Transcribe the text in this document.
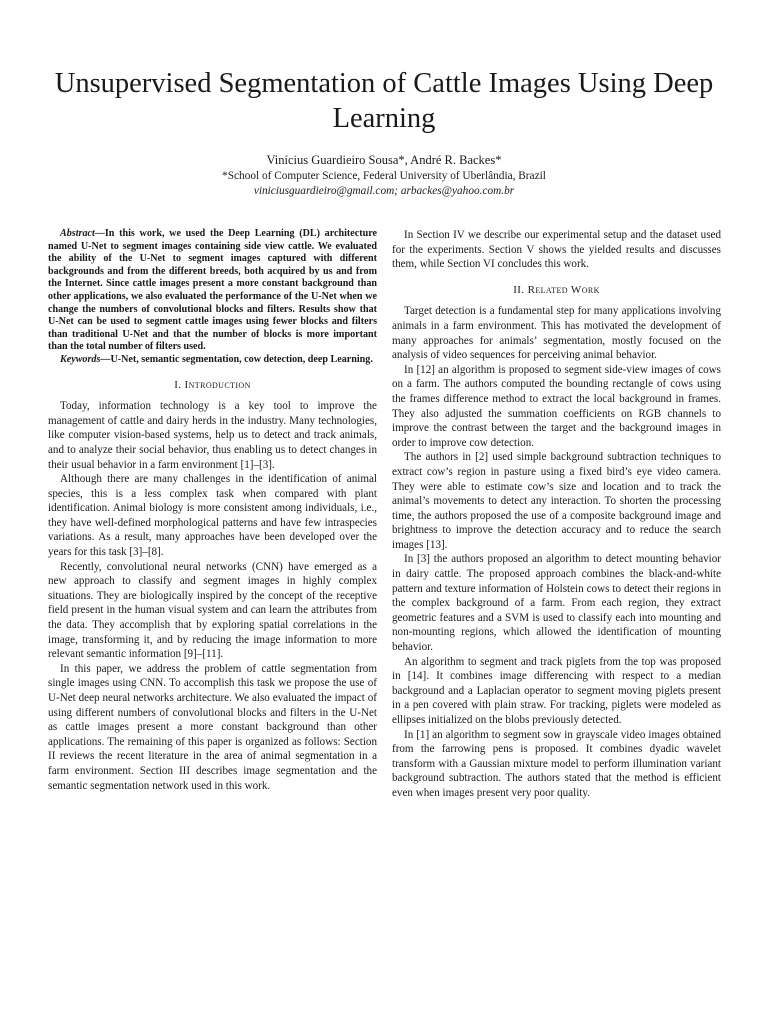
Unsupervised Segmentation of Cattle Images Using Deep Learning
Vinícius Guardieiro Sousa*, André R. Backes*
*School of Computer Science, Federal University of Uberlândia, Brazil
viniciusguardieiro@gmail.com; arbackes@yahoo.com.br

Abstract—In this work, we used the Deep Learning (DL) architecture named U-Net to segment images containing side view cattle. We evaluated the ability of the U-Net to segment images captured with different backgrounds and from the different breeds, both acquired by us and from the Internet. Since cattle images present a more constant background than other applications, we also evaluated the performance of the U-Net when we change the numbers of convolutional blocks and filters. Results show that U-Net can be used to segment cattle images using fewer blocks and filters than traditional U-Net and that the number of blocks is more important than the total number of filters used.

Keywords—U-Net, semantic segmentation, cow detection, deep Learning.

I. Introduction

Today, information technology is a key tool to improve the management of cattle and dairy herds in the industry. Many technologies, like computer vision-based systems, help us to detect and track animals, and to analyze their social behavior, thus enabling us to detect changes in their usual behavior in a farm environment [1]–[3].

Although there are many challenges in the identification of animal species, this is a less complex task when compared with plant identification. Animal biology is more consistent among individuals, i.e., they have well-defined morphological patterns and have few intraspecies variations. As a result, many approaches have been developed over the years for this task [3]–[8].

Recently, convolutional neural networks (CNN) have emerged as a new approach to classify and segment images in highly complex situations. They are biologically inspired by the concept of the receptive field present in the human visual system and can learn the attributes from the data. They accomplish that by exploring spatial correlations in the image, transforming it, and by reducing the image information to more relevant semantic information [9]–[11].

In this paper, we address the problem of cattle segmentation from single images using CNN. To accomplish this task we propose the use of U-Net deep neural networks architecture. We also evaluated the impact of using different numbers of convolutional blocks and filters in the U-Net as cattle images present a more constant background than other applications. The remaining of this paper is organized as follows: Section II reviews the recent literature in the area of animal segmentation in a farm environment. Section III describes image segmentation and the semantic segmentation network used in this work.

In Section IV we describe our experimental setup and the dataset used for the experiments. Section V shows the yielded results and discusses them, while Section VI concludes this work.

II. Related Work

Target detection is a fundamental step for many applications involving animals in a farm environment. This has motivated the development of many approaches for animals’ segmentation, mostly focused on the analysis of video sequences for perceiving animal behavior.

In [12] an algorithm is proposed to segment side-view images of cows on a farm. The authors computed the bounding rectangle of cows using the frames difference method to extract the local background in frames. They also adjusted the summation coefficients on RGB channels to improve the contrast between the target and the background images in order to improve cow detection.

The authors in [2] used simple background subtraction techniques to extract cow’s region in pasture using a fixed bird’s eye video camera. They were able to estimate cow’s size and location and to track the animal’s movements to detect any interaction. To shorten the processing time, the authors proposed the use of a composite background image and brightness to improve the detection accuracy and to reduce the search images [13].

In [3] the authors proposed an algorithm to detect mounting behavior in dairy cattle. The proposed approach combines the black-and-white pattern and texture information of Holstein cows to detect their regions in the complex background of a farm. From each region, they extract geometric features and a SVM is used to classify each into mounting and non-mounting regions, which allowed the identification of mounting behavior.

An algorithm to segment and track piglets from the top was proposed in [14]. It combines image differencing with respect to a median background and a Laplacian operator to segment moving piglets present in a pen covered with plain straw. For tracking, piglets were modeled as ellipses initialized on the blobs previously detected.

In [1] an algorithm to segment sow in grayscale video images obtained from the farrowing pens is proposed. It combines dyadic wavelet transform with a Gaussian mixture model to perform illumination variant background subtraction. The authors stated that the method is efficient even when images present very poor quality.
